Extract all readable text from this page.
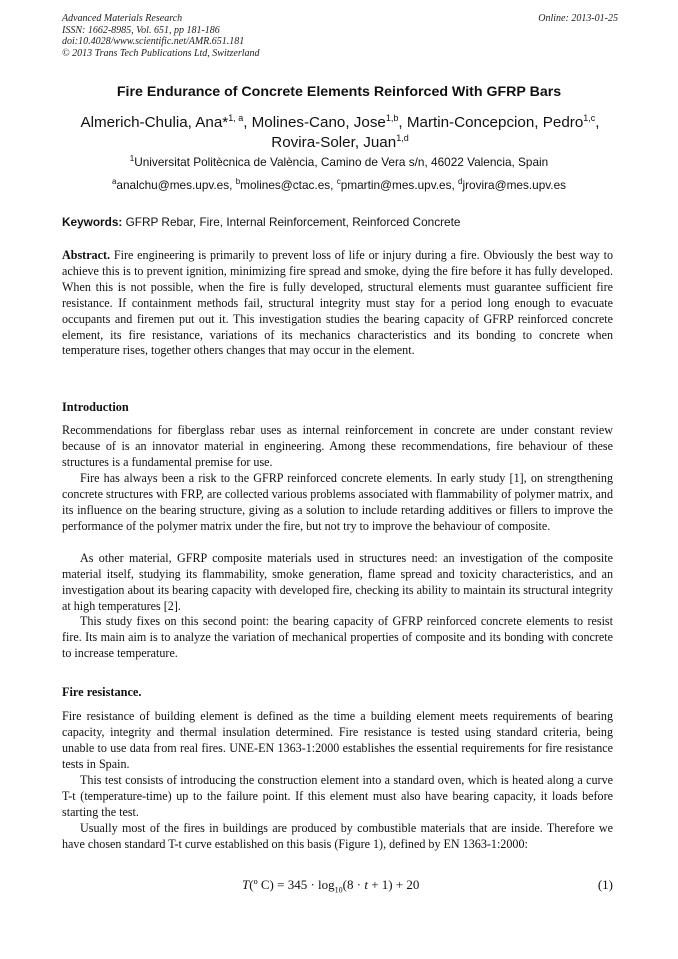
Advanced Materials Research
ISSN: 1662-8985, Vol. 651, pp 181-186
doi:10.4028/www.scientific.net/AMR.651.181
© 2013 Trans Tech Publications Ltd, Switzerland
Online: 2013-01-25
Fire Endurance of Concrete Elements Reinforced With GFRP Bars
Almerich-Chulia, Ana*$^{1, a}$, Molines-Cano, Jose$^{1,b}$, Martin-Concepcion, Pedro$^{1,c}$,
Rovira-Soler, Juan$^{1,d}$
$^1$Universitat Politècnica de València, Camino de Vera s/n, 46022 Valencia, Spain
$^a$analchu@mes.upv.es, $^b$molines@ctac.es, $^c$pmartin@mes.upv.es, $^d$jrovira@mes.upv.es
Keywords: GFRP Rebar, Fire, Internal Reinforcement, Reinforced Concrete

Abstract. Fire engineering is primarily to prevent loss of life or injury during a fire. Obviously the best way to achieve this is to prevent ignition, minimizing fire spread and smoke, dying the fire before it has fully developed. When this is not possible, when the fire is fully developed, structural elements must guarantee sufficient fire resistance. If containment methods fail, structural integrity must stay for a period long enough to evacuate occupants and firemen put out it. This investigation studies the bearing capacity of GFRP reinforced concrete element, its fire resistance, variations of its mechanics characteristics and its bonding to concrete when temperature rises, together others changes that may occur in the element.

Introduction

Recommendations for fiberglass rebar uses as internal reinforcement in concrete are under constant review because of is an innovator material in engineering. Among these recommendations, fire behaviour of these structures is a fundamental premise for use.

Fire has always been a risk to the GFRP reinforced concrete elements. In early study [1], on strengthening concrete structures with FRP, are collected various problems associated with flammability of polymer matrix, and its influence on the bearing structure, giving as a solution to include retarding additives or fillers to improve the performance of the polymer matrix under the fire, but not try to improve the behaviour of composite.

As other material, GFRP composite materials used in structures need: an investigation of the composite material itself, studying its flammability, smoke generation, flame spread and toxicity characteristics, and an investigation about its bearing capacity with developed fire, checking its ability to maintain its structural integrity at high temperatures [2].

This study fixes on this second point: the bearing capacity of GFRP reinforced concrete elements to resist fire. Its main aim is to analyze the variation of mechanical properties of composite and its bonding with concrete to increase temperature.

Fire resistance.

Fire resistance of building element is defined as the time a building element meets requirements of bearing capacity, integrity and thermal insulation determined. Fire resistance is tested using standard criteria, being unable to use data from real fires. UNE-EN 1363-1:2000 establishes the essential requirements for fire resistance tests in Spain.

This test consists of introducing the construction element into a standard oven, which is heated along a curve T-t (temperature-time) up to the failure point. If this element must also have bearing capacity, it loads before starting the test.

Usually most of the fires in buildings are produced by combustible materials that are inside. Therefore we have chosen standard T-t curve established on this basis (Figure 1), defined by EN 1363-1:2000:

T(º $C) = 345 \cdot \log_{10}(8 \cdot t + 1) + 20$	(1)
